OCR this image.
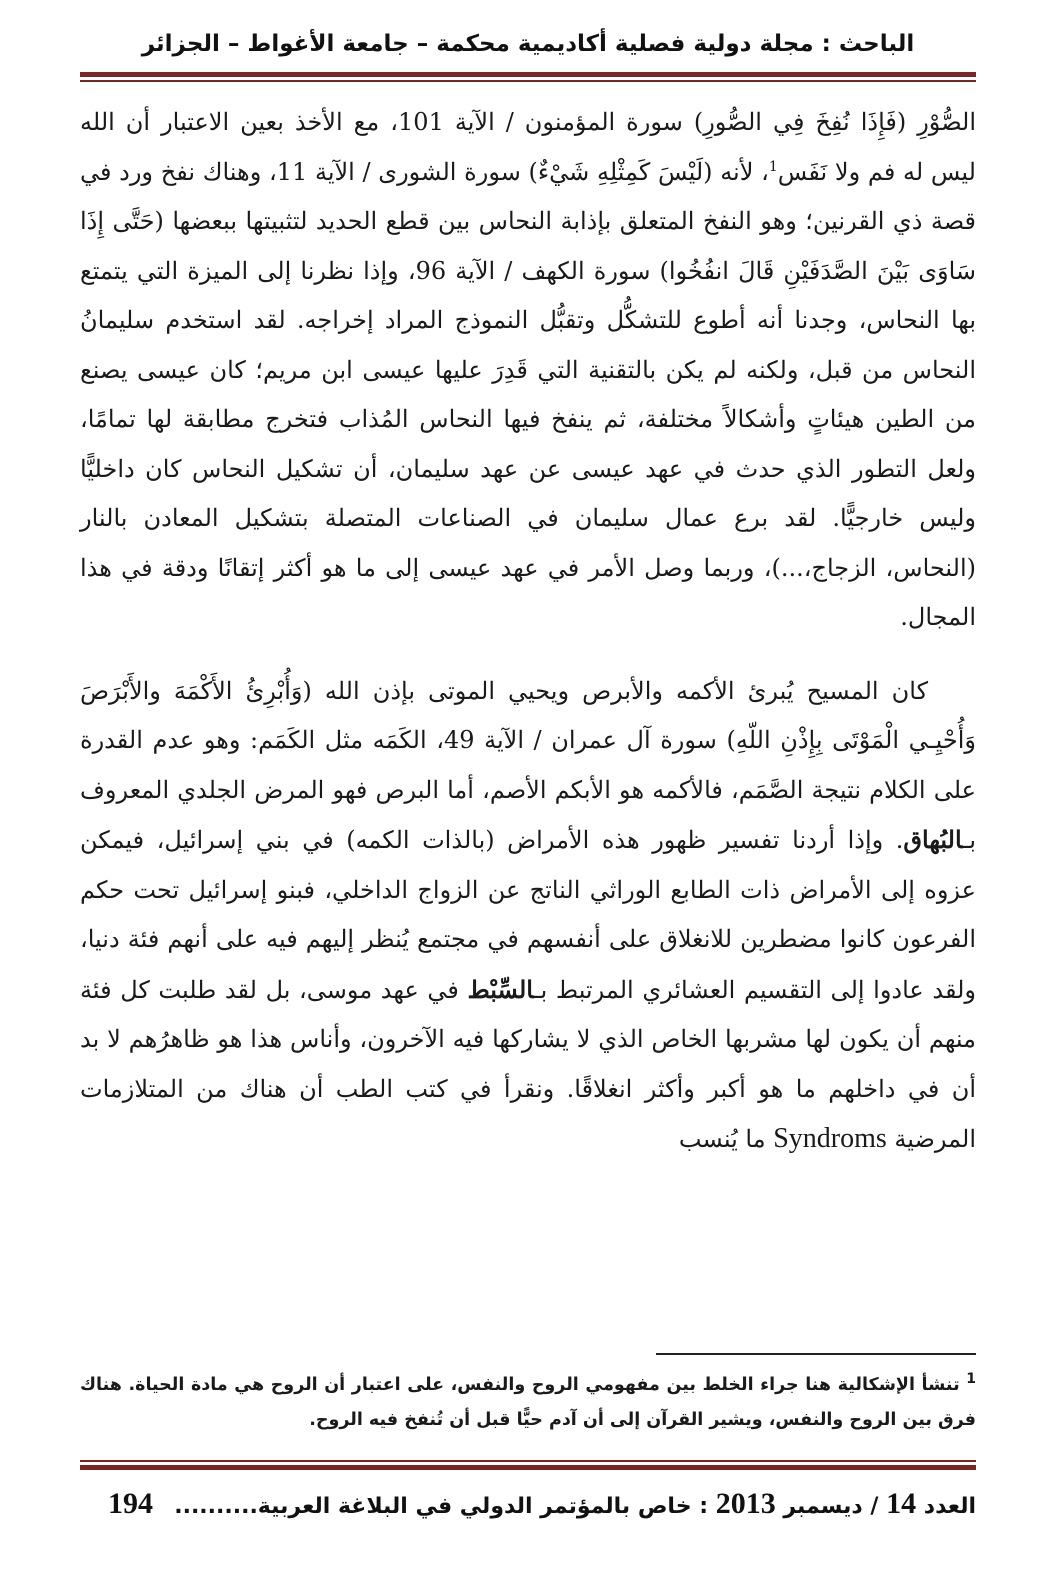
الباحث : مجلة دولية فصلية أكاديمية محكمة – جامعة الأغواط – الجزائر

الصُّوْرِ (فَإِذَا نُفِخَ فِي الصُّورِ) سورة المؤمنون / الآية 101، مع الأخذ بعين الاعتبار أن الله ليس له فم ولا نَفَس$^1$، لأنه (لَيْسَ كَمِثْلِهِ شَيْءٌ) سورة الشورى / الآية 11، وهناك نفخ ورد في قصة ذي القرنين؛ وهو النفخ المتعلق بإذابة النحاس بين قطع الحديد لتثبيتها ببعضها (حَتَّى إِذَا سَاوَى بَيْنَ الصَّدَفَيْنِ قَالَ انفُخُوا) سورة الكهف / الآية 96، وإذا نظرنا إلى الميزة التي يتمتع بها النحاس، وجدنا أنه أطوع للتشكُّل وتقبُّل النموذج المراد إخراجه. لقد استخدم سليمانُ النحاس من قبل، ولكنه لم يكن بالتقنية التي قَدِرَ عليها عيسى ابن مريم؛ كان عيسى يصنع من الطين هيئاتٍ وأشكالاً مختلفة، ثم ينفخ فيها النحاس المُذاب فتخرج مطابقة لها تمامًا، ولعل التطور الذي حدث في عهد عيسى عن عهد سليمان، أن تشكيل النحاس كان داخليًّا وليس خارجيًّا. لقد برع عمال سليمان في الصناعات المتصلة بتشكيل المعادن بالنار (النحاس، الزجاج،...)، وربما وصل الأمر في عهد عيسى إلى ما هو أكثر إتقانًا ودقة في هذا المجال.

كان المسيح يُبرئ الأكمه والأبرص ويحيي الموتى بإذن الله (وَأُبْرِئُ الأَكْمَهَ والأَبْرَصَ وَأُحْيِـي الْمَوْتَى بِإِذْنِ اللّهِ) سورة آل عمران / الآية 49، الكَمَه مثل الكَمَم: وهو عدم القدرة على الكلام نتيجة الصَّمَم، فالأكمه هو الأبكم الأصم، أما البرص فهو المرض الجلدي المعروف بـالبُهاق. وإذا أردنا تفسير ظهور هذه الأمراض (بالذات الكمه) في بني إسرائيل، فيمكن عزوه إلى الأمراض ذات الطابع الوراثي الناتج عن الزواج الداخلي، فبنو إسرائيل تحت حكم الفرعون كانوا مضطرين للانغلاق على أنفسهم في مجتمع يُنظر إليهم فيه على أنهم فئة دنيا، ولقد عادوا إلى التقسيم العشائري المرتبط بـالسِّبْط في عهد موسى، بل لقد طلبت كل فئة منهم أن يكون لها مشربها الخاص الذي لا يشاركها فيه الآخرون، وأناس هذا هو ظاهرُهم لا بد أن في داخلهم ما هو أكبر وأكثر انغلاقًا. ونقرأ في كتب الطب أن هناك من المتلازمات المرضية Syndroms ما يُنسب

$^1$ تنشأ الإشكالية هنا جراء الخلط بين مفهومي الروح والنفس، على اعتبار أن الروح هي مادة الحياة. هناك فرق بين الروح والنفس، ويشير القرآن إلى أن آدم حيًّا قبل أن تُنفخ فيه الروح.
العدد 14 / ديسمبر 2013 : خاص بالمؤتمر الدولي في البلاغة العربية..........
194
